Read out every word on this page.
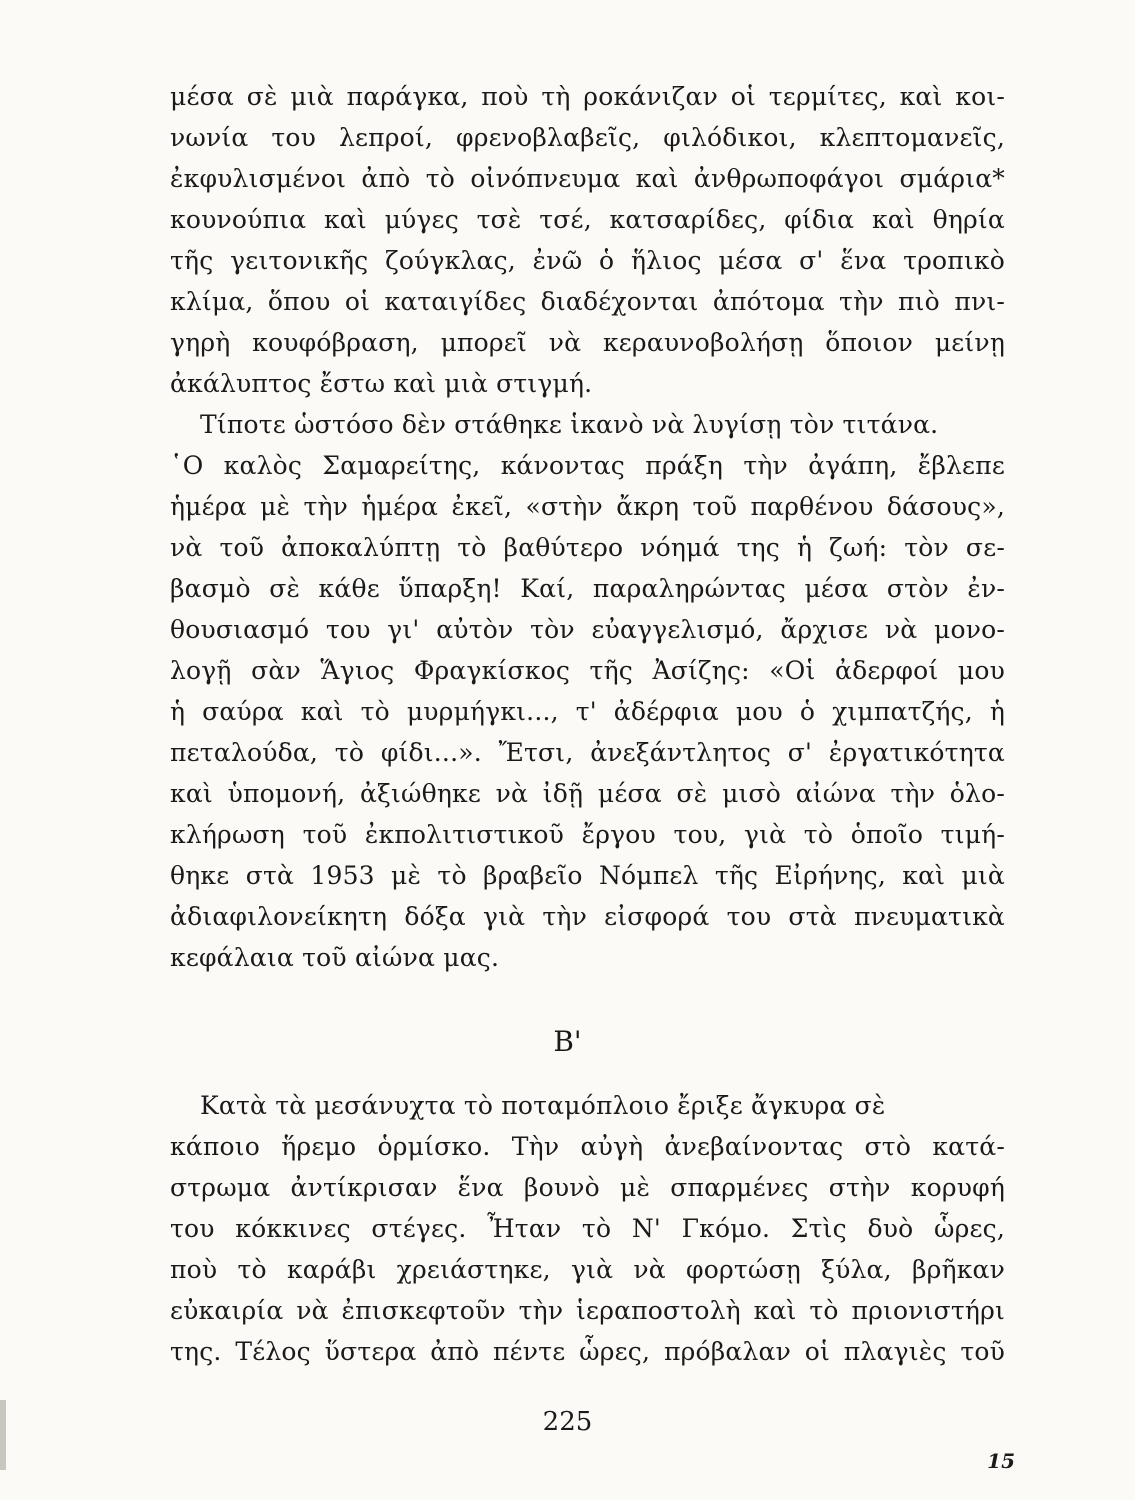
μέσα σὲ μιὰ παράγκα, ποὺ τὴ ροκάνιζαν οἱ τερμίτες, καὶ κοι-
νωνία του λεπροί, φρενοβλαβεῖς, φιλόδικοι, κλεπτομανεῖς,
ἐκφυλισμένοι ἀπὸ τὸ οἰνόπνευμα καὶ ἀνθρωποφάγοι σμάρια*
κουνούπια καὶ μύγες τσὲ τσέ, κατσαρίδες, φίδια καὶ θηρία
τῆς γειτονικῆς ζούγκλας, ἐνῶ ὁ ἥλιος μέσα σ' ἕνα τροπικὸ
κλίμα, ὅπου οἱ καταιγίδες διαδέχονται ἀπότομα τὴν πιὸ πνι-
γηρὴ κουφόβραση, μπορεῖ νὰ κεραυνοβολήσῃ ὅποιον μείνῃ
ἀκάλυπτος ἔστω καὶ μιὰ στιγμή.
Τίποτε ὡστόσο δὲν στάθηκε ἱκανὸ νὰ λυγίσῃ τὸν τιτάνα.
῾Ο καλὸς Σαμαρείτης, κάνοντας πράξη τὴν ἀγάπη, ἔβλεπε
ἡμέρα μὲ τὴν ἡμέρα ἐκεῖ, «στὴν ἄκρη τοῦ παρθένου δάσους»,
νὰ τοῦ ἀποκαλύπτῃ τὸ βαθύτερο νόημά της ἡ ζωή: τὸν σε-
βασμὸ σὲ κάθε ὕπαρξη! Καί, παραληρώντας μέσα στὸν ἐν-
θουσιασμό του γι' αὐτὸν τὸν εὐαγγελισμό, ἄρχισε νὰ μονο-
λογῇ σὰν Ἅγιος Φραγκίσκος τῆς Ἀσίζης: «Οἱ ἀδερφοί μου
ἡ σαύρα καὶ τὸ μυρμήγκι..., τ' ἀδέρφια μου ὁ χιμπατζής, ἡ
πεταλούδα, τὸ φίδι...». Ἔτσι, ἀνεξάντλητος σ' ἐργατικότητα
καὶ ὑπομονή, ἀξιώθηκε νὰ ἰδῇ μέσα σὲ μισὸ αἰώνα τὴν ὁλο-
κλήρωση τοῦ ἐκπολιτιστικοῦ ἔργου του, γιὰ τὸ ὁποῖο τιμή-
θηκε στὰ 1953 μὲ τὸ βραβεῖο Νόμπελ τῆς Εἰρήνης, καὶ μιὰ
ἀδιαφιλονείκητη δόξα γιὰ τὴν εἰσφορά του στὰ πνευματικὰ
κεφάλαια τοῦ αἰώνα μας.
Β'
Κατὰ τὰ μεσάνυχτα τὸ ποταμόπλοιο ἔριξε ἄγκυρα σὲ
κάποιο ἥρεμο ὁρμίσκο. Τὴν αὐγὴ ἀνεβαίνοντας στὸ κατά-
στρωμα ἀντίκρισαν ἕνα βουνὸ μὲ σπαρμένες στὴν κορυφή
του κόκκινες στέγες. Ἦταν τὸ Ν' Γκόμο. Στὶς δυὸ ὧρες,
ποὺ τὸ καράβι χρειάστηκε, γιὰ νὰ φορτώσῃ ξύλα, βρῆκαν
εὐκαιρία νὰ ἐπισκεφτοῦν τὴν ἱεραποστολὴ καὶ τὸ πριονιστήρι
της. Τέλος ὕστερα ἀπὸ πέντε ὧρες, πρόβαλαν οἱ πλαγιὲς τοῦ
225
15
